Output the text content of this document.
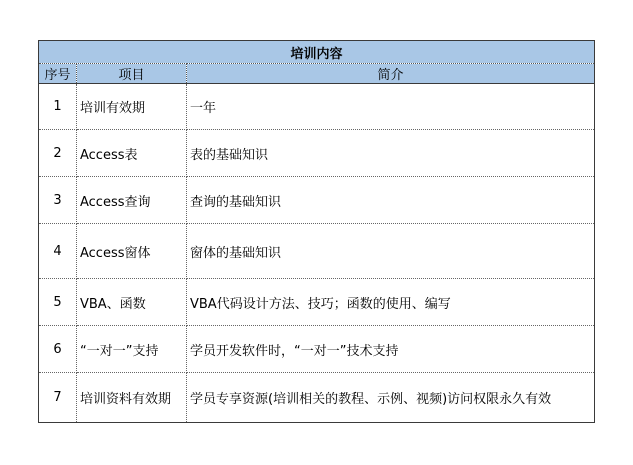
培训内容		
序号	项目	简介
1	培训有效期	一年
2	Access表	表的基础知识
3	Access查询	查询的基础知识
4	Access窗体	窗体的基础知识
5	VBA、函数	VBA代码设计方法、技巧；函数的使用、编写
6	“一对一”支持	学员开发软件时，“一对一”技术支持
7	培训资料有效期	学员专享资源(培训相关的教程、示例、视频)访问权限永久有效
